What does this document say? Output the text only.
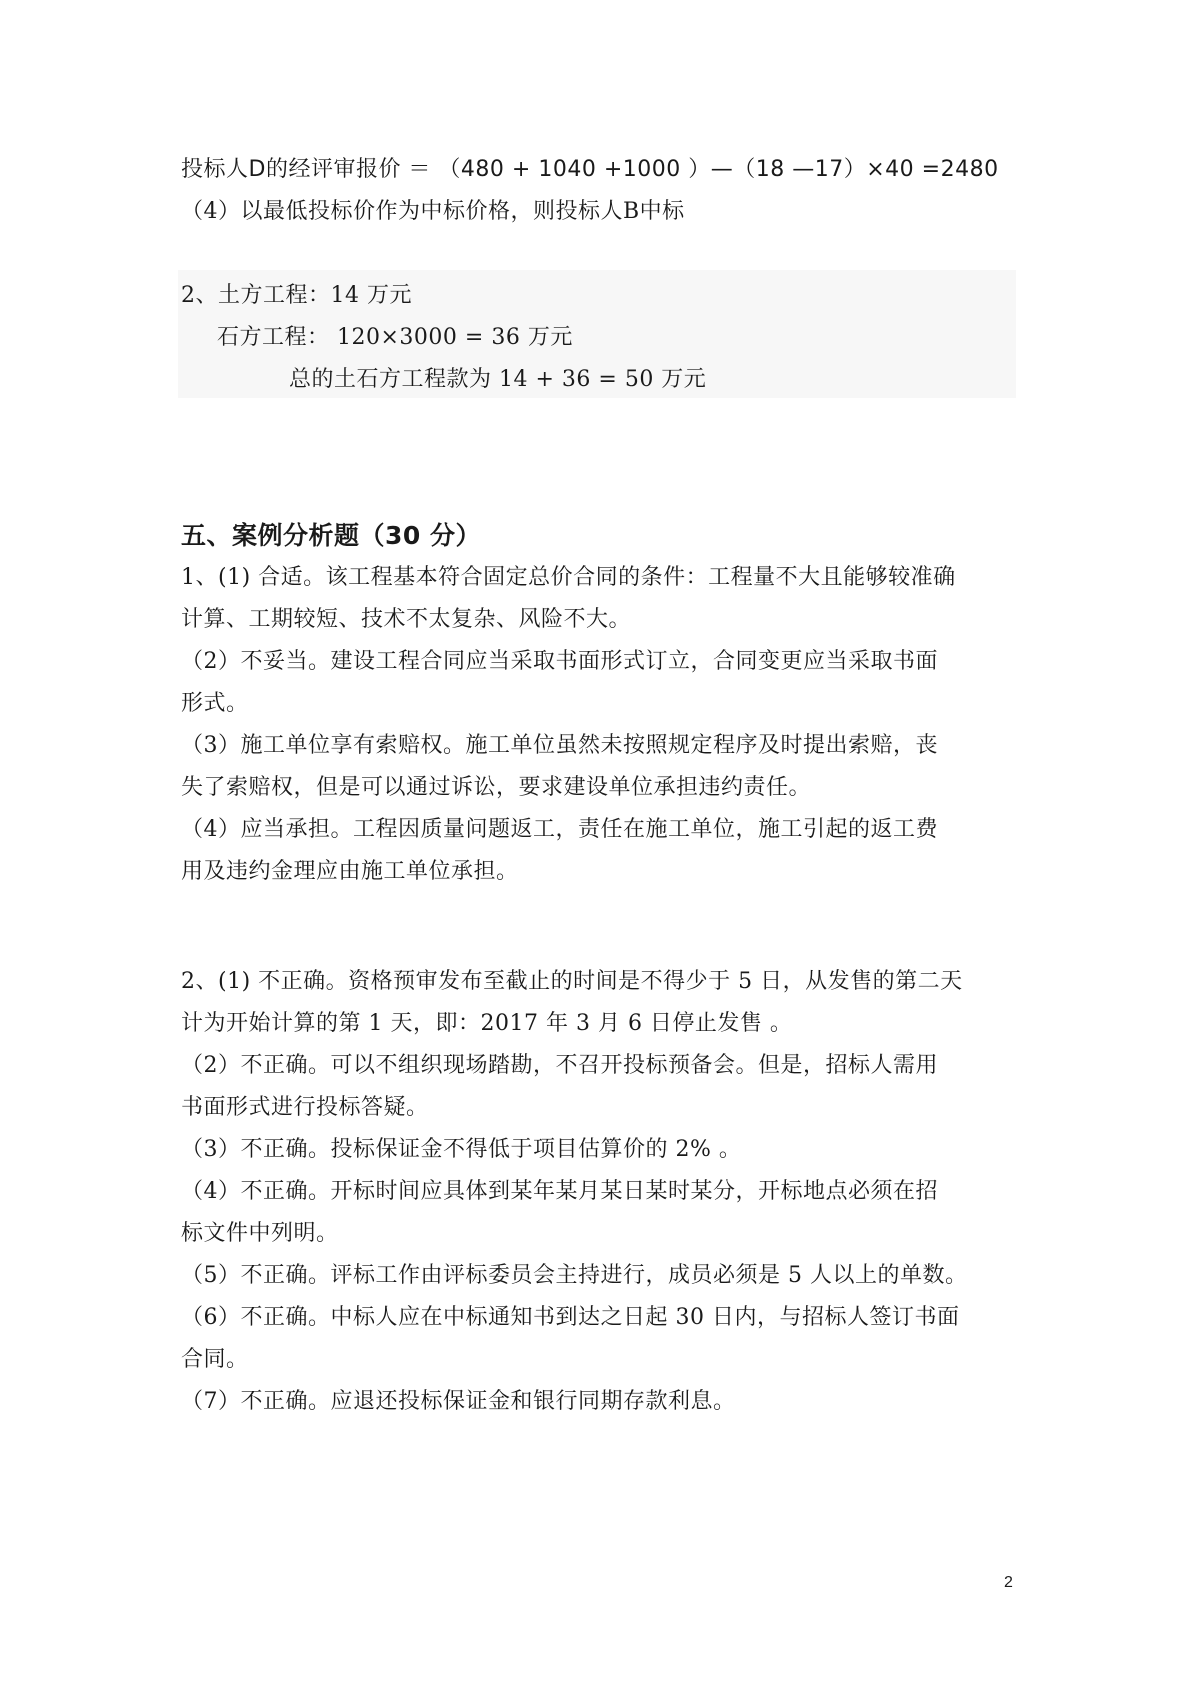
投标人D的经评审报价 ＝ （480 + 1040 +1000 ）—（18 —17）×40 =2480
（4）以最低投标价作为中标价格，则投标人B中标
2、土方工程：14 万元
石方工程： 120×3000 = 36 万元
总的土石方工程款为 14 + 36 = 50 万元
五、案例分析题（30 分）
1、(1) 合适。该工程基本符合固定总价合同的条件：工程量不大且能够较准确
计算、工期较短、技术不太复杂、风险不大。
（2）不妥当。建设工程合同应当采取书面形式订立，合同变更应当采取书面
形式。
（3）施工单位享有索赔权。施工单位虽然未按照规定程序及时提出索赔，丧
失了索赔权，但是可以通过诉讼，要求建设单位承担违约责任。
（4）应当承担。工程因质量问题返工，责任在施工单位，施工引起的返工费
用及违约金理应由施工单位承担。
2、(1) 不正确。资格预审发布至截止的时间是不得少于 5 日，从发售的第二天
计为开始计算的第 1 天，即：2017 年 3 月 6 日停止发售 。
（2）不正确。可以不组织现场踏勘，不召开投标预备会。但是，招标人需用
书面形式进行投标答疑。
（3）不正确。投标保证金不得低于项目估算价的 2% 。
（4）不正确。开标时间应具体到某年某月某日某时某分，开标地点必须在招
标文件中列明。
（5）不正确。评标工作由评标委员会主持进行，成员必须是 5 人以上的单数。
（6）不正确。中标人应在中标通知书到达之日起 30 日内，与招标人签订书面
合同。
（7）不正确。应退还投标保证金和银行同期存款利息。
2
